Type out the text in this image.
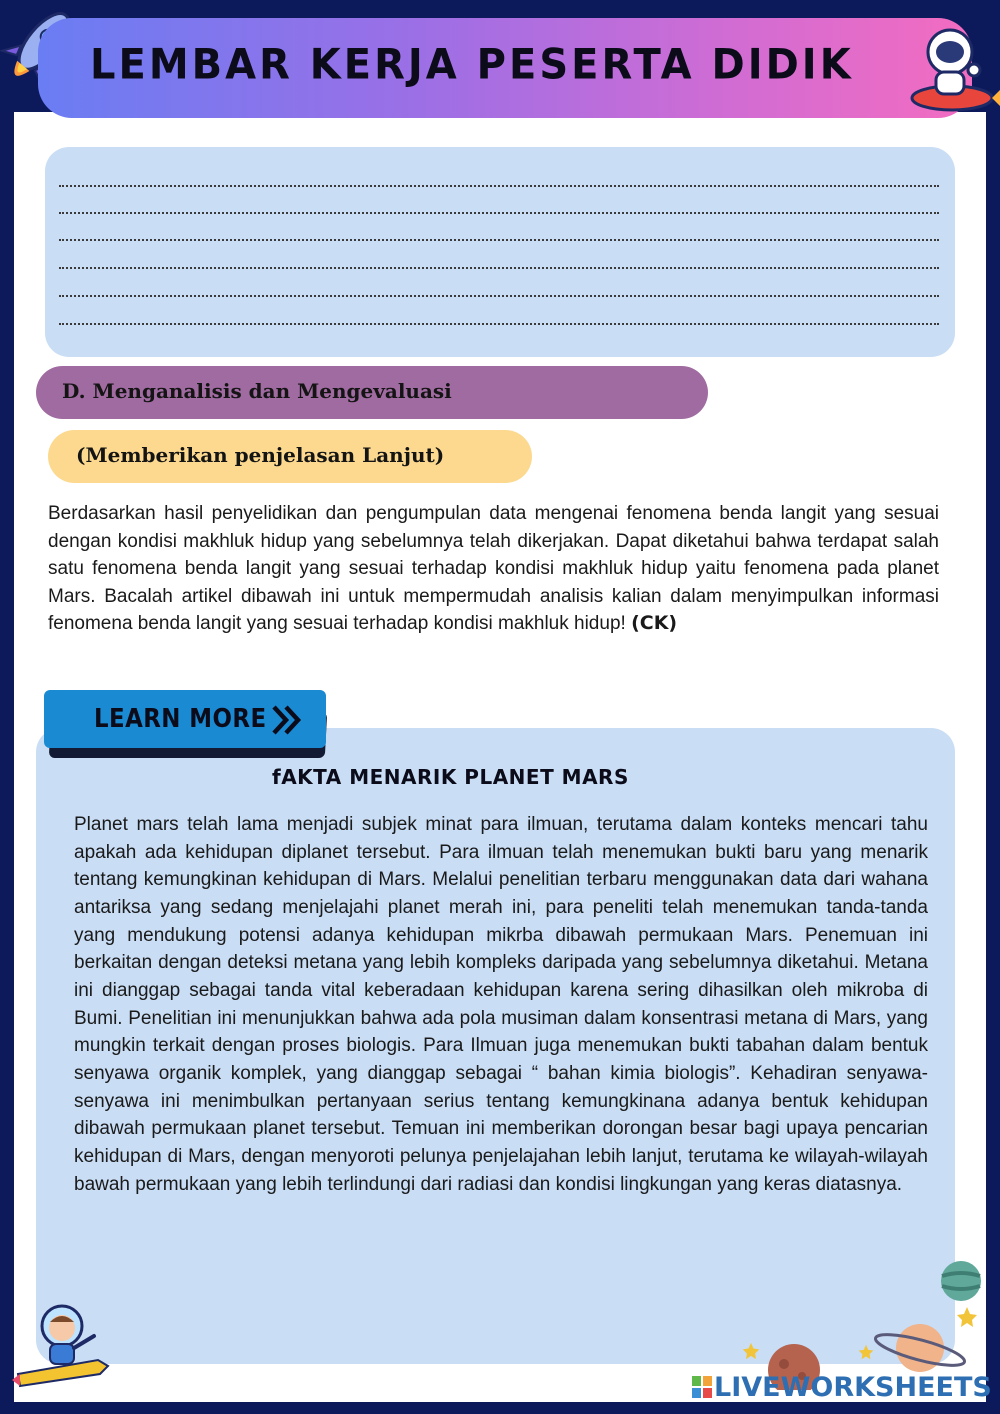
LEMBAR KERJA PESERTA DIDIK
D. Menganalisis dan Mengevaluasi
(Memberikan penjelasan Lanjut)
Berdasarkan hasil penyelidikan dan pengumpulan data mengenai fenomena benda langit yang sesuai dengan kondisi makhluk hidup yang sebelumnya telah dikerjakan. Dapat diketahui bahwa terdapat salah satu fenomena benda langit yang sesuai terhadap kondisi makhluk hidup yaitu fenomena pada planet Mars. Bacalah artikel dibawah ini untuk mempermudah analisis kalian dalam menyimpulkan informasi fenomena benda langit yang sesuai terhadap kondisi makhluk hidup! (CK)
LEARN MORE
fAKTA MENARIK PLANET MARS
Planet mars telah lama menjadi subjek minat para ilmuan, terutama dalam konteks mencari tahu apakah ada kehidupan diplanet tersebut. Para ilmuan telah menemukan bukti baru yang menarik tentang kemungkinan kehidupan di Mars. Melalui penelitian terbaru menggunakan data dari wahana antariksa yang sedang menjelajahi planet merah ini, para peneliti telah menemukan tanda-tanda yang mendukung potensi adanya kehidupan mikrba dibawah permukaan Mars. Penemuan ini berkaitan dengan deteksi metana yang lebih kompleks daripada yang sebelumnya diketahui. Metana ini dianggap sebagai tanda vital keberadaan kehidupan karena sering dihasilkan oleh mikroba di Bumi. Penelitian ini menunjukkan bahwa ada pola musiman dalam konsentrasi metana di Mars, yang mungkin terkait dengan proses biologis. Para Ilmuan juga menemukan bukti tabahan dalam bentuk senyawa organik komplek, yang dianggap sebagai “ bahan kimia biologis”. Kehadiran senyawa-senyawa ini menimbulkan pertanyaan serius tentang kemungkinana adanya bentuk kehidupan dibawah permukaan planet tersebut. Temuan ini memberikan dorongan besar bagi upaya pencarian kehidupan di Mars, dengan menyoroti pelunya penjelajahan lebih lanjut, terutama ke wilayah-wilayah bawah permukaan yang lebih terlindungi dari radiasi dan kondisi lingkungan yang keras diatasnya.
LIVEWORKSHEETS
